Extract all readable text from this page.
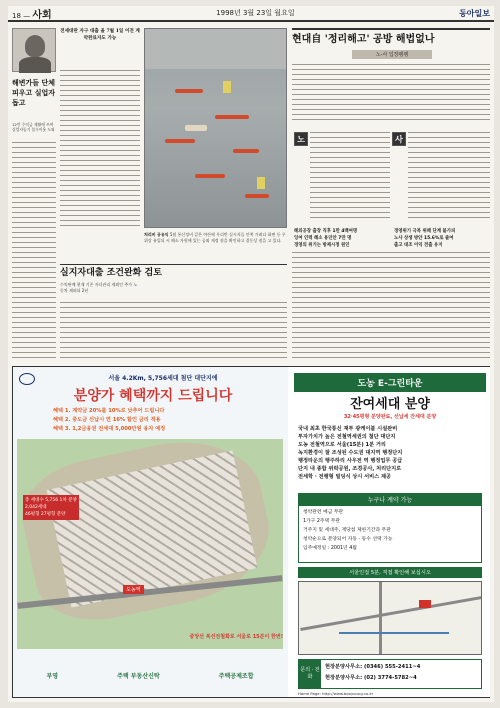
18 — 사회	1998년 3월 23일 월요일	동아일보
해변가들 단체피우고 실업자 돕고
12만 수익금 재활에 쓰여 실업자돕기 불우이웃 도와
전세대란 자구 대출 올 7월 1일 이전 계약완료자도 가능
처리비 공유익 5월 통신정비 같은 야산에 우리반 실시자들 안쪽 가려다 화면 등 우위상 유입되 시 해소 자원에 있는 공외 재정 점을 확인하고 결동상 점을 고 있다.
실지자대출 조건완화 검토
수익판매 현재 기존 자녀관리 제외인 추가 노동차 제외되 2년
현대自 '정리해고' 공방 해법없나
노-사 입장팽팽
노	사
해외공장 출장 직후 1만 4백여명
잉여 인력 해소 용인안 7만 명
경영의 위기는 방제시정 원인
경영위기 극복 위해 단계 불가피
노사 상생 방안 15.6%로 줄여
출고 대조 이익 전출 유지
서울 4.2Km, 5,756세대 첨단 대단지에
분양가 혜택까지 드립니다
혜택 1. 계약금 20%를 10%로 낮추어 드립니다
혜택 2. 중도금 선납시 연 16% 할인 금리 적용
혜택 3. 1,2금융권 전세대 5,000만원 융자 예정
총 세대수 5,756 1차 분양 2,042세대
46평형 27평형 분양
도농역
중앙선 복선전철화로 서울로 15분이 한번!
부영	주택 부동산신탁	주택공제조합
도농 E-그린타운
잔여세대 분양
32·45평형 분양완료, 선납세 잔세대 분양
국내 최초 한국통신 재투 광케이블 시설완비
투자가치가 높은 전철역세권의 첨단 대단지
도농 전철역으로 서울(15분) 1분 거리
녹지환경이 잘 조성된 수도권 대지역 행정단지
행정타운의 행주하리 사우전 역 행정업무 공급
단지 내 종합 위락공원, 조경공사, 처리단지로
전세학 · 전행형 빌딩식 상시 서비스 제공
누구나 계약 가능
청약관련 예금 무관
1가구 2주택 무관
거주지 및 세대주, 재당첨 제한기간과 무관
청약순으로 분양되어 자동 · 동수 선택 가능
입주예정일 : 2001년 4월
서울인접 5분, 직접 확인해 보십시오
문의 · 전화
현장분양사무소: (0346) 555-2411~4
현장분양사무소: (02) 3774-5782~4
Home Page: http://www.booyoung.co.kr
